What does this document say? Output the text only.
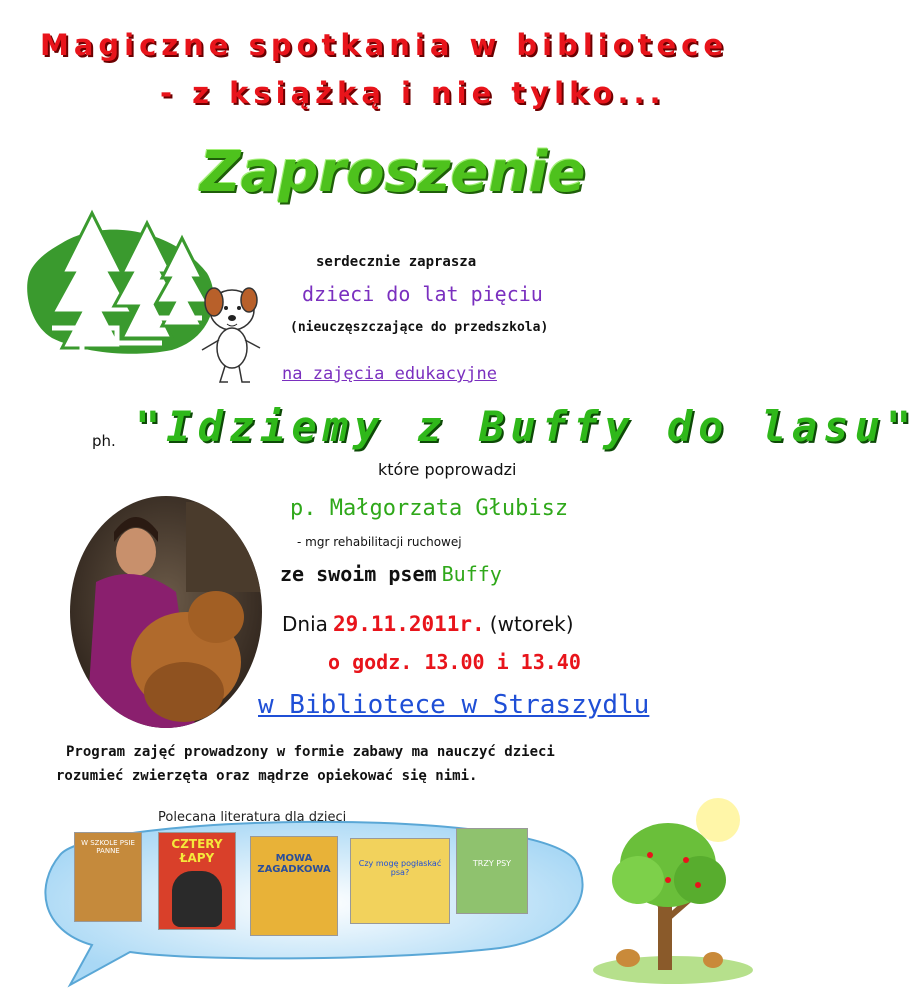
Magiczne spotkania w bibliotece
- z książką i nie tylko...
Zaproszenie
serdecznie zaprasza
dzieci do lat pięciu
(nieuczęszczające do przedszkola)
na zajęcia edukacyjne
ph. "Idziemy z Buffy do lasu"
które poprowadzi
p. Małgorzata Głubisz
- mgr rehabilitacji ruchowej
ze swoim psem Buffy
Dnia 29.11.2011r. (wtorek)
o godz. 13.00 i 13.40
w Bibliotece w Straszydlu
Program zajęć prowadzony w formie zabawy ma nauczyć dzieci
rozumieć zwierzęta oraz mądrze opiekować się nimi.
Polecana literatura dla dzieci
W SZKOLE PSIE PANNE	CZTERY ŁAPY	MOWA ZAGADKOWA
Czy mogę pogłaskać psa?
TRZY PSY
